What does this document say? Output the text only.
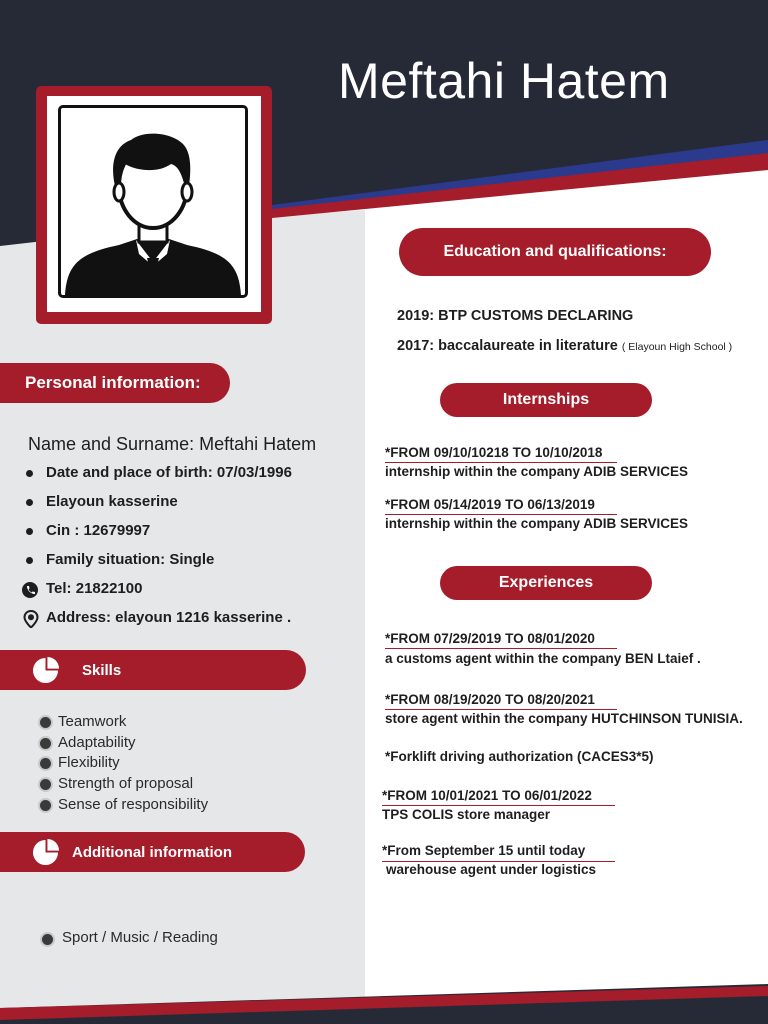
Meftahi Hatem
Personal information:
Name and Surname: Meftahi Hatem
Date and place of birth: 07/03/1996
Elayoun kasserine
Cin : 12679997
Family situation: Single
Tel: 21822100
Address: elayoun 1216 kasserine .
Skills
Teamwork
Adaptability
Flexibility
Strength of proposal
Sense of responsibility
Additional information
Sport / Music / Reading
Education and qualifications:
2019: BTP CUSTOMS DECLARING
2017: baccalaureate in literature ( Elayoun High School )
Internships
*FROM 09/10/10218 TO 10/10/2018
internship within the company ADIB SERVICES
*FROM 05/14/2019 TO 06/13/2019
internship within the company ADIB SERVICES
Experiences
*FROM 07/29/2019 TO 08/01/2020
a customs agent within the company BEN Ltaief .
*FROM 08/19/2020 TO 08/20/2021
store agent within the company HUTCHINSON TUNISIA.
*Forklift driving authorization (CACES3*5)
*FROM 10/01/2021 TO 06/01/2022
TPS COLIS store manager
*From September 15 until today
warehouse agent under logistics
